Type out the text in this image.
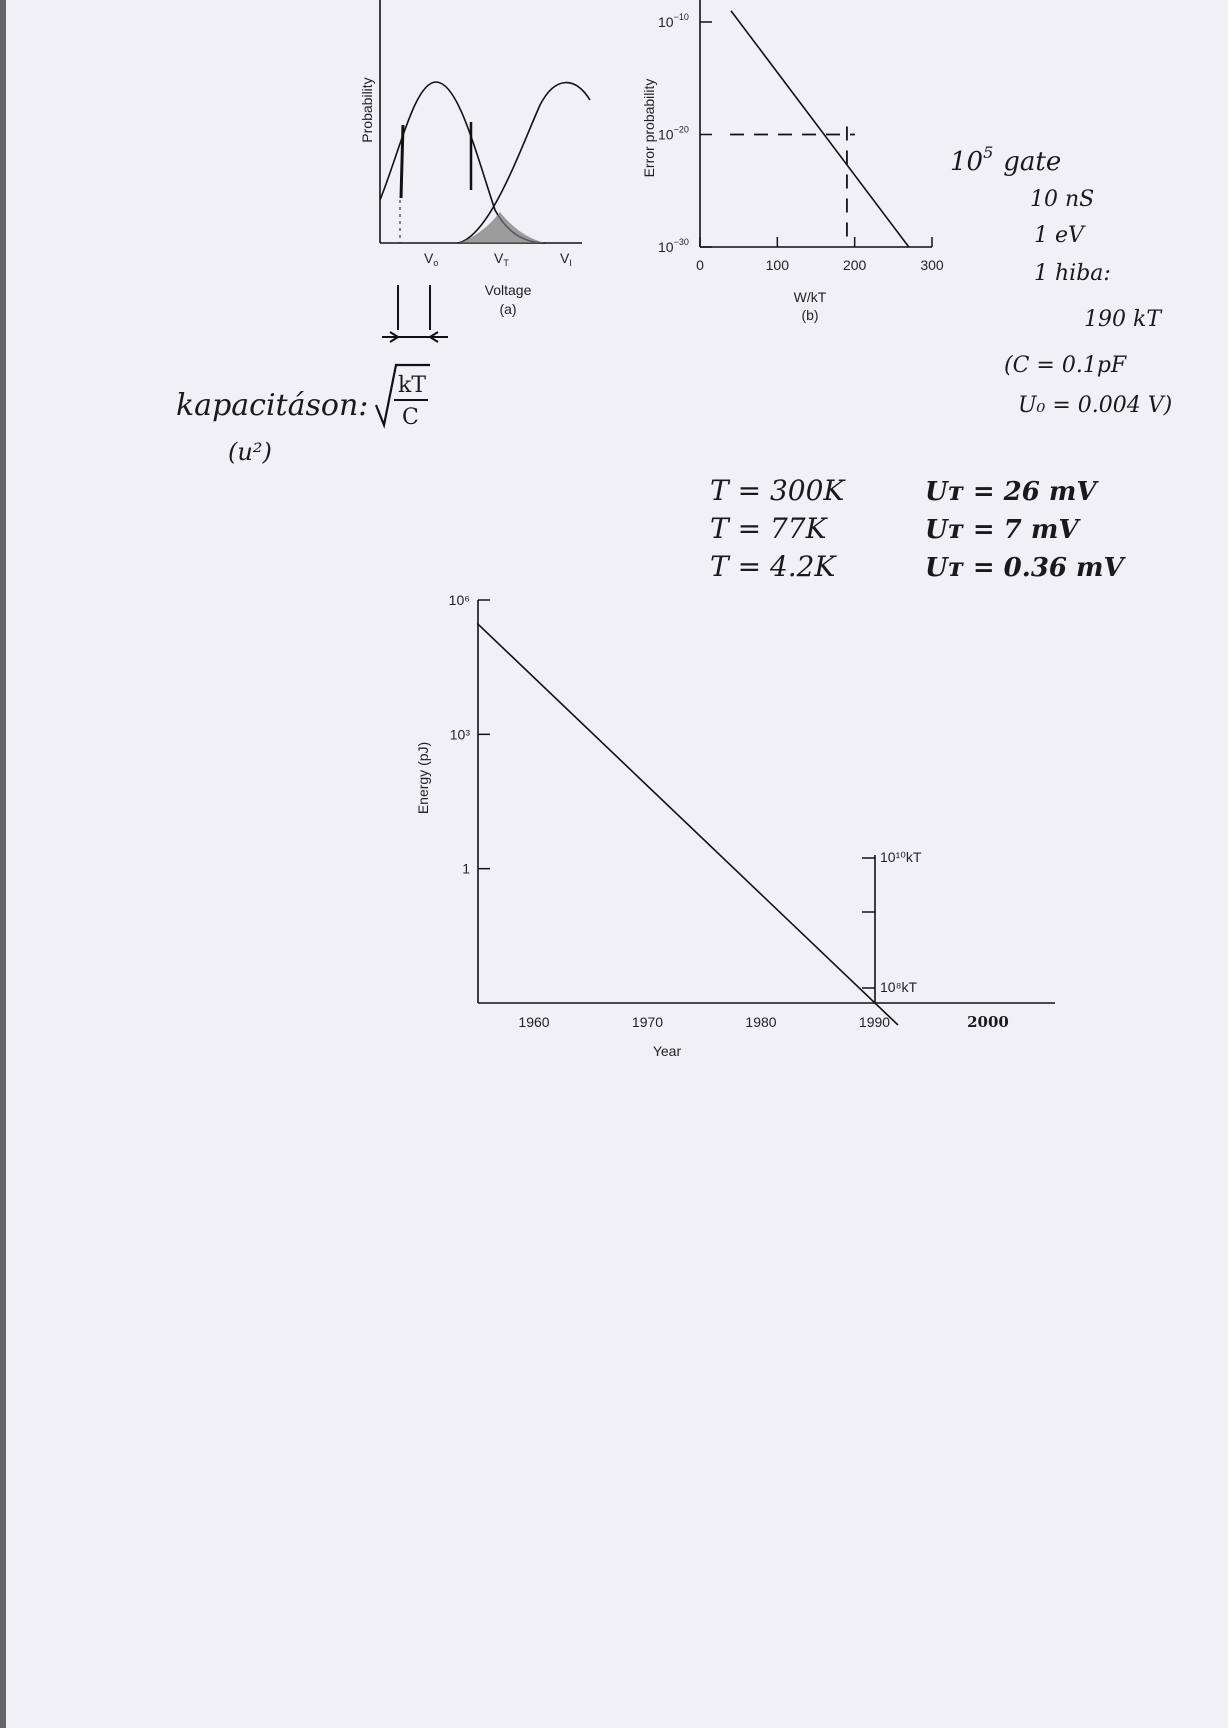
Probability
$V_o$	$V_T$	$V_I$
Voltage
(a)
Error probability
$10^{-10}$
$10^{-20}$
$10^{-30}$
0	100	200	300
W/kT
(b)
$10^5$ gate
10 nS
1 eV
1 hiba:
190 kT
(C = 0.1pF
U₀ = 0.004 V)
kapacitáson:
(u²)
kT
C
T = 300K	Uᴛ = 26 mV
T = 77K	Uᴛ = 7 mV
T = 4.2K	Uᴛ = 0.36 mV
Energy (pJ)
Year
1
10³
10⁶
1960	1970	1980	1990	2000
10¹⁰kT
10⁸kT
